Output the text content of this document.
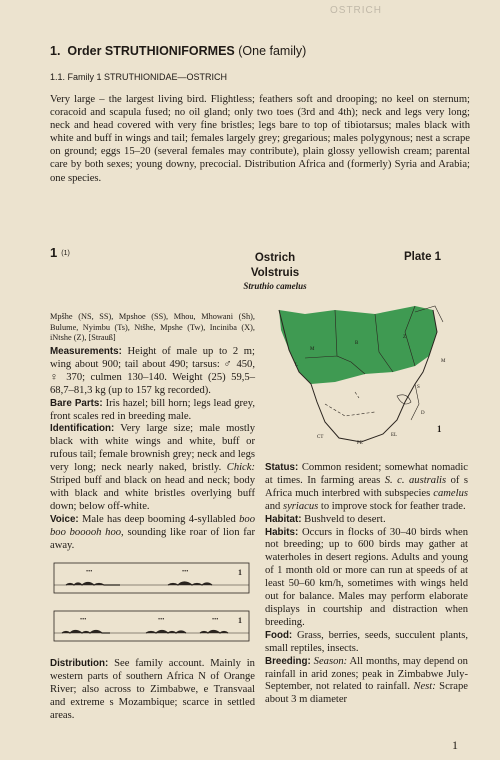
OSTRICH
1. Order STRUTHIONIFORMES (One family)
1.1. Family 1 STRUTHIONIDAE—OSTRICH
Very large – the largest living bird. Flightless; feathers soft and drooping; no keel on sternum; coracoid and scapula fused; no oil gland; only two toes (3rd and 4th); neck and legs very long; neck and head covered with very fine bristles; legs bare to top of tibiotarsus; males black with white and buff in wings and tail; females largely grey; gregarious; males polygynous; nest a scrape on ground; eggs 15–20 (several females may contribute), plain glossy yellowish cream; parental care by both sexes; young downy, precocial. Distribution Africa and (formerly) Syria and Arabia; one species.
1 $^{(1)}$	Ostrich
Volstruis
Struthio camelus
Plate 1
Mpšhe (NS, SS), Mpshoe (SS), Mhou, Mhowani (Sh), Bulume, Nyimbu (Ts), Ntšhe, Mpshe (Tw), Inciniba (X), iNtshe (Z), [Strauß]

Measurements: Height of male up to 2 m; wing about 900; tail about 490; tarsus: ♂ 450, ♀ 370; culmen 130–140. Weight (25) 59,5–68,7–81,3 kg (up to 157 kg recorded).

Bare Parts: Iris hazel; bill horn; legs lead grey, front scales red in breeding male.

Identification: Very large size; male mostly black with white wings and white, buff or rufous tail; female brownish grey; neck and legs very long; neck nearly naked, bristly. Chick: Striped buff and black on head and neck; body with black and white bristles overlying buff down; below off-white.

Voice: Male has deep booming 4-syllabled boo boo booooh hoo, sounding like roar of lion far away.

•••	•••	1
•••	•••	••• 1

Distribution: See family account. Mainly in western parts of southern Africa N of Orange River; also across to Zimbabwe, e Transvaal and extreme s Mozambique; scarce in settled areas.

M
Z
B
S
L
M
CT
PE
EL
D
1

Status: Common resident; somewhat nomadic at times. In farming areas S. c. australis of s Africa much interbred with subspecies camelus and syriacus to improve stock for feather trade.

Habitat: Bushveld to desert.

Habits: Occurs in flocks of 30–40 birds when not breeding; up to 600 birds may gather at waterholes in desert regions. Adults and young of 1 month old or more can run at speeds of at least 50–60 km/h, sometimes with wings held out for balance. Males may perform elaborate displays in courtship and distraction when breeding.

Food: Grass, berries, seeds, succulent plants, small reptiles, insects.

Breeding: Season: All months, may depend on rainfall in arid zones; peak in Zimbabwe July-September, not related to rainfall. Nest: Scrape about 3 m diameter

1
